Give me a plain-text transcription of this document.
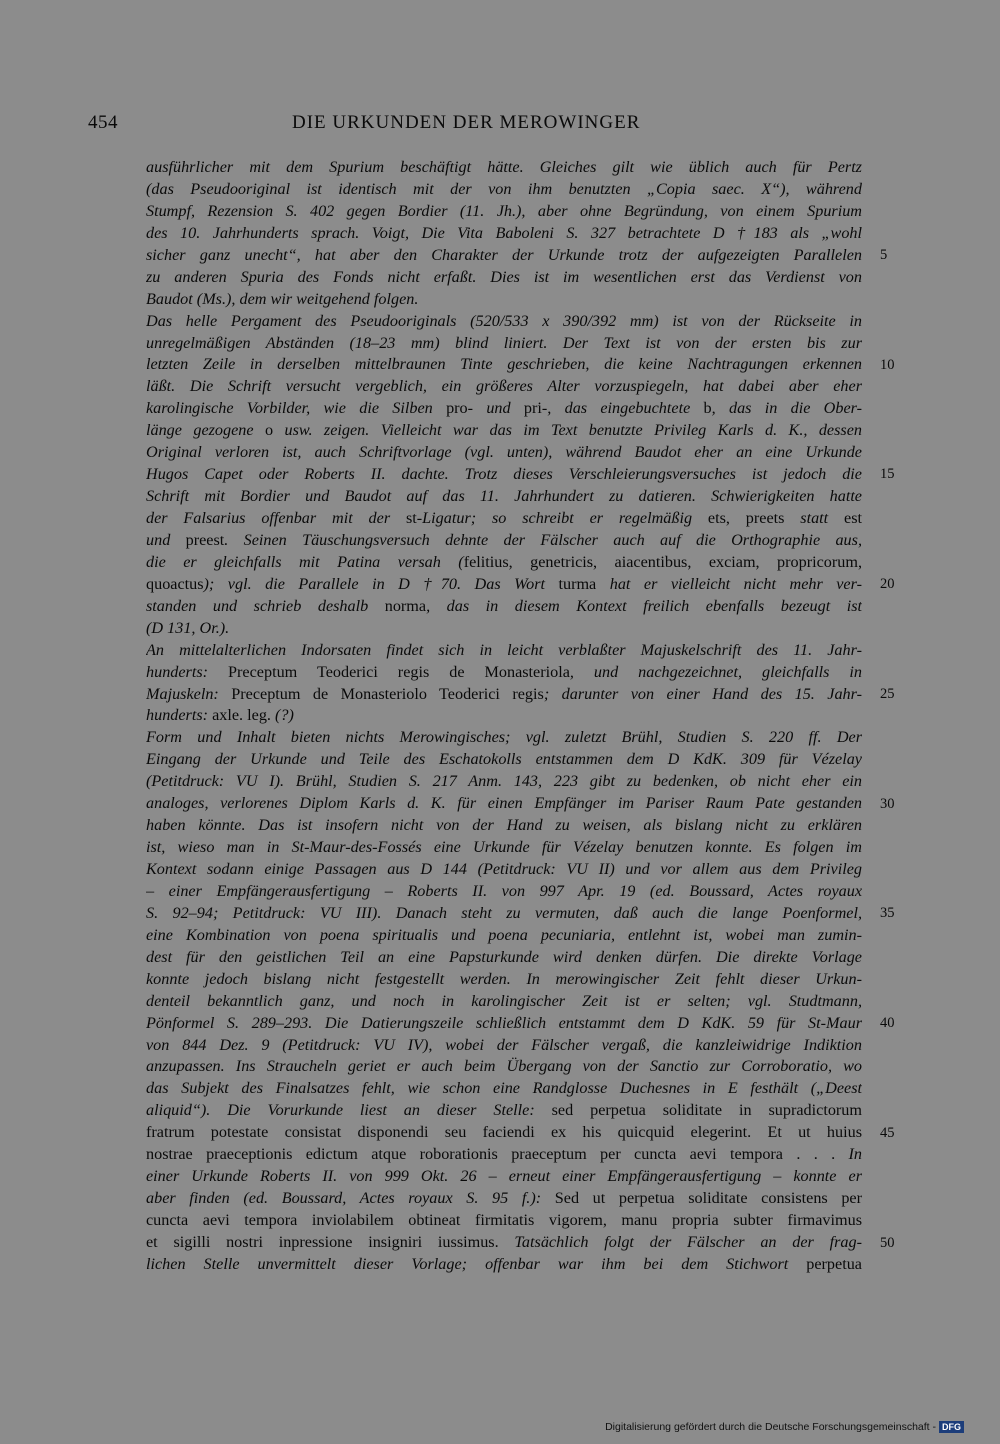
454	DIE URKUNDEN DER MEROWINGER
ausführlicher mit dem Spurium beschäftigt hätte. Gleiches gilt wie üblich auch für Pertz
(das Pseudooriginal ist identisch mit der von ihm benutzten „Copia saec. X“), während
Stumpf, Rezension S. 402 gegen Bordier (11. Jh.), aber ohne Begründung, von einem Spurium
des 10. Jahrhunderts sprach. Voigt, Die Vita Baboleni S. 327 betrachtete D †183 als „wohl
sicher ganz unecht“, hat aber den Charakter der Urkunde trotz der aufgezeigten Parallelen
zu anderen Spuria des Fonds nicht erfaßt. Dies ist im wesentlichen erst das Verdienst von
Baudot (Ms.), dem wir weitgehend folgen.
Das helle Pergament des Pseudooriginals (520/533 x 390/392 mm) ist von der Rückseite in
unregelmäßigen Abständen (18–23 mm) blind liniert. Der Text ist von der ersten bis zur
letzten Zeile in derselben mittelbraunen Tinte geschrieben, die keine Nachtragungen erkennen
läßt. Die Schrift versucht vergeblich, ein größeres Alter vorzuspiegeln, hat dabei aber eher
karolingische Vorbilder, wie die Silben pro- und pri-, das eingebuchtete b, das in die Ober-
länge gezogene o usw. zeigen. Vielleicht war das im Text benutzte Privileg Karls d. K., dessen
Original verloren ist, auch Schriftvorlage (vgl. unten), während Baudot eher an eine Urkunde
Hugos Capet oder Roberts II. dachte. Trotz dieses Verschleierungsversuches ist jedoch die
Schrift mit Bordier und Baudot auf das 11. Jahrhundert zu datieren. Schwierigkeiten hatte
der Falsarius offenbar mit der st-Ligatur; so schreibt er regelmäßig ets, preets statt est
und preest. Seinen Täuschungsversuch dehnte der Fälscher auch auf die Orthographie aus,
die er gleichfalls mit Patina versah (felitius, genetricis, aiacentibus, exciam, propricorum,
quoactus); vgl. die Parallele in D †70. Das Wort turma hat er vielleicht nicht mehr ver-
standen und schrieb deshalb norma, das in diesem Kontext freilich ebenfalls bezeugt ist
(D 131, Or.).
An mittelalterlichen Indorsaten findet sich in leicht verblaßter Majuskelschrift des 11. Jahr-
hunderts: Preceptum Teoderici regis de Monasteriola, und nachgezeichnet, gleichfalls in
Majuskeln: Preceptum de Monasteriolo Teoderici regis; darunter von einer Hand des 15. Jahr-
hunderts: axle. leg. (?)
Form und Inhalt bieten nichts Merowingisches; vgl. zuletzt Brühl, Studien S. 220 ff. Der
Eingang der Urkunde und Teile des Eschatokolls entstammen dem D KdK. 309 für Vézelay
(Petitdruck: VU I). Brühl, Studien S. 217 Anm. 143, 223 gibt zu bedenken, ob nicht eher ein
analoges, verlorenes Diplom Karls d. K. für einen Empfänger im Pariser Raum Pate gestanden
haben könnte. Das ist insofern nicht von der Hand zu weisen, als bislang nicht zu erklären
ist, wieso man in St-Maur-des-Fossés eine Urkunde für Vézelay benutzen konnte. Es folgen im
Kontext sodann einige Passagen aus D 144 (Petitdruck: VU II) und vor allem aus dem Privileg
– einer Empfängerausfertigung – Roberts II. von 997 Apr. 19 (ed. Boussard, Actes royaux
S. 92–94; Petitdruck: VU III). Danach steht zu vermuten, daß auch die lange Poenformel,
eine Kombination von poena spiritualis und poena pecuniaria, entlehnt ist, wobei man zumin-
dest für den geistlichen Teil an eine Papsturkunde wird denken dürfen. Die direkte Vorlage
konnte jedoch bislang nicht festgestellt werden. In merowingischer Zeit fehlt dieser Urkun-
denteil bekanntlich ganz, und noch in karolingischer Zeit ist er selten; vgl. Studtmann,
Pönformel S. 289–293. Die Datierungszeile schließlich entstammt dem D KdK. 59 für St-Maur
von 844 Dez. 9 (Petitdruck: VU IV), wobei der Fälscher vergaß, die kanzleiwidrige Indiktion
anzupassen. Ins Straucheln geriet er auch beim Übergang von der Sanctio zur Corroboratio, wo
das Subjekt des Finalsatzes fehlt, wie schon eine Randglosse Duchesnes in E festhält („Deest
aliquid“). Die Vorurkunde liest an dieser Stelle: sed perpetua soliditate in supradictorum
fratrum potestate consistat disponendi seu faciendi ex his quicquid elegerint. Et ut huius
nostrae praeceptionis edictum atque roborationis praeceptum per cuncta aevi tempora . . . In
einer Urkunde Roberts II. von 999 Okt. 26 – erneut einer Empfängerausfertigung – konnte er
aber finden (ed. Boussard, Actes royaux S. 95 f.): Sed ut perpetua soliditate consistens per
cuncta aevi tempora inviolabilem obtineat firmitatis vigorem, manu propria subter firmavimus
et sigilli nostri inpressione insigniri iussimus. Tatsächlich folgt der Fälscher an der frag-
lichen Stelle unvermittelt dieser Vorlage; offenbar war ihm bei dem Stichwort perpetua
5
10
15
20
25
30
35
40
45
50
Digitalisierung gefördert durch die Deutsche Forschungsgemeinschaft - DFG
